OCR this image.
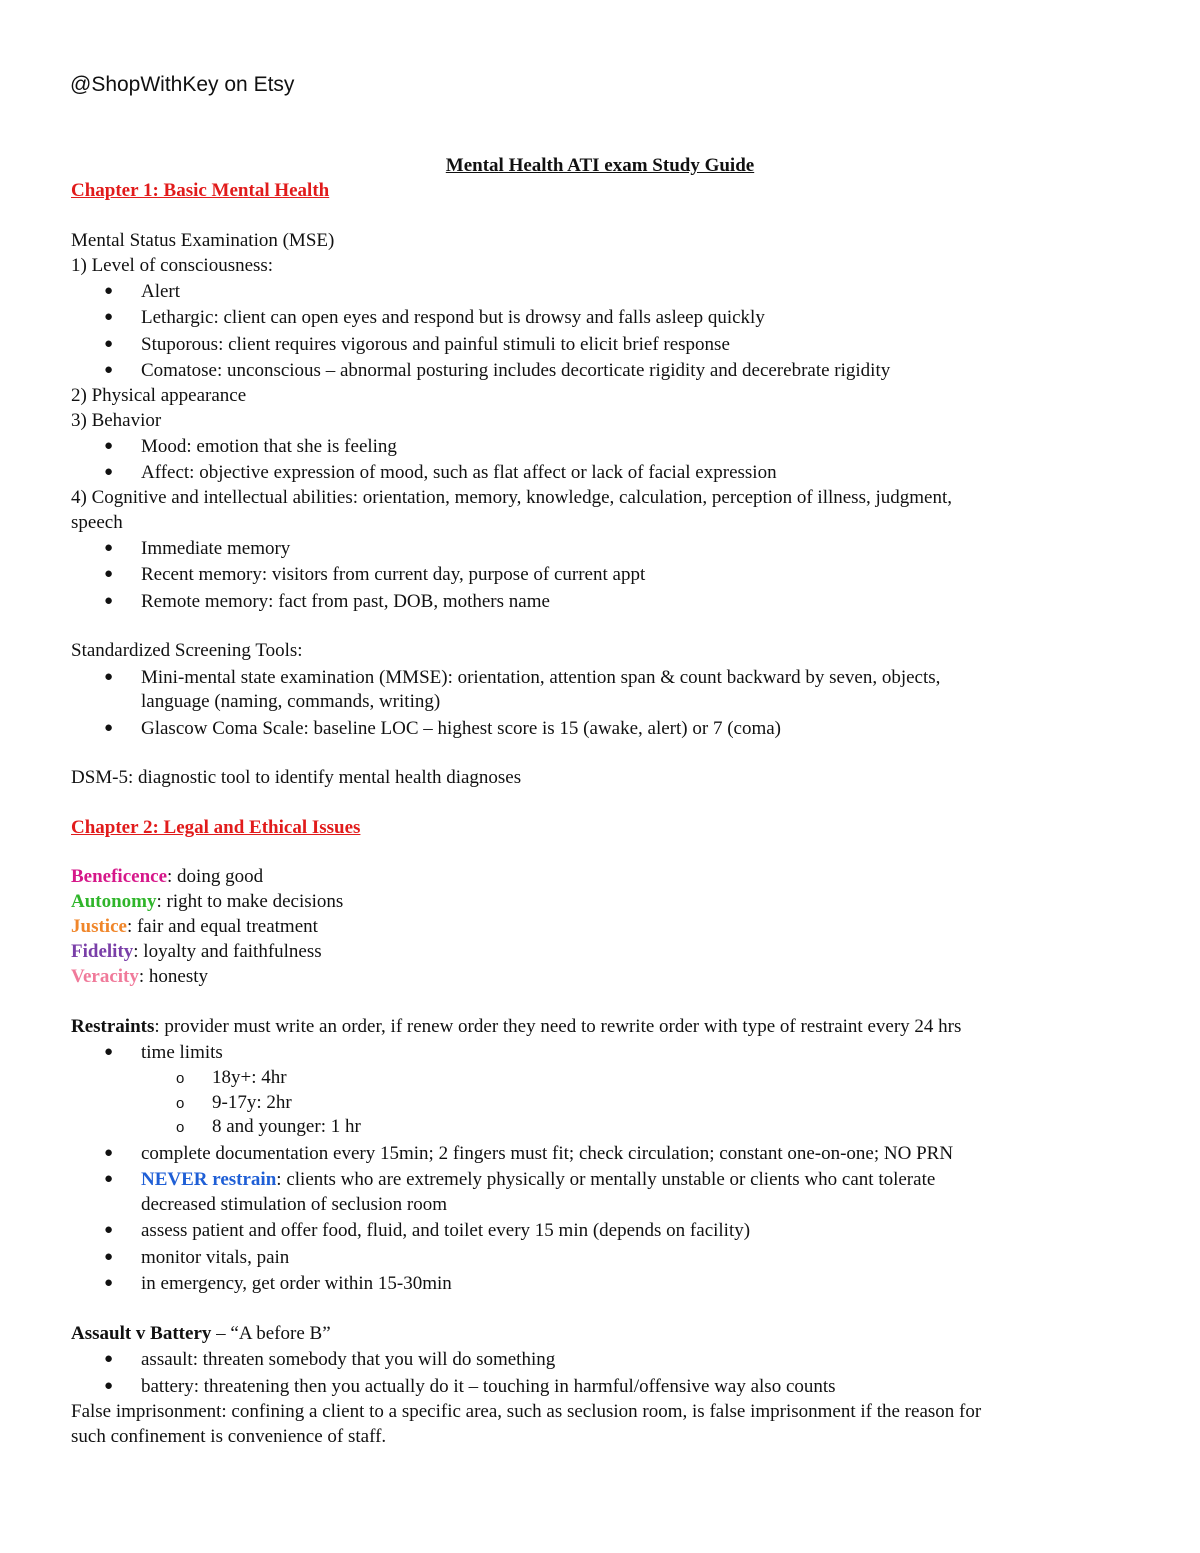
@ShopWithKey on Etsy
Mental Health ATI exam Study Guide
Chapter 1: Basic Mental Health
Mental Status Examination (MSE)
1) Level of consciousness:
● Alert
● Lethargic: client can open eyes and respond but is drowsy and falls asleep quickly
● Stuporous: client requires vigorous and painful stimuli to elicit brief response
● Comatose: unconscious – abnormal posturing includes decorticate rigidity and decerebrate rigidity
2) Physical appearance
3) Behavior
● Mood: emotion that she is feeling
● Affect: objective expression of mood, such as flat affect or lack of facial expression
4) Cognitive and intellectual abilities: orientation, memory, knowledge, calculation, perception of illness, judgment,
speech
● Immediate memory
● Recent memory: visitors from current day, purpose of current appt
● Remote memory: fact from past, DOB, mothers name
Standardized Screening Tools:
● Mini-mental state examination (MMSE): orientation, attention span & count backward by seven, objects,
language (naming, commands, writing)
● Glascow Coma Scale: baseline LOC – highest score is 15 (awake, alert) or 7 (coma)
DSM-5: diagnostic tool to identify mental health diagnoses
Chapter 2: Legal and Ethical Issues
Beneficence: doing good
Autonomy: right to make decisions
Justice: fair and equal treatment
Fidelity: loyalty and faithfulness
Veracity: honesty
Restraints: provider must write an order, if renew order they need to rewrite order with type of restraint every 24 hrs
● time limits
o 18y+: 4hr
o 9-17y: 2hr
o 8 and younger: 1 hr
● complete documentation every 15min; 2 fingers must fit; check circulation; constant one-on-one; NO PRN
● NEVER restrain: clients who are extremely physically or mentally unstable or clients who cant tolerate
decreased stimulation of seclusion room
● assess patient and offer food, fluid, and toilet every 15 min (depends on facility)
● monitor vitals, pain
● in emergency, get order within 15-30min
Assault v Battery – “A before B”
● assault: threaten somebody that you will do something
● battery: threatening then you actually do it – touching in harmful/offensive way also counts
False imprisonment: confining a client to a specific area, such as seclusion room, is false imprisonment if the reason for
such confinement is convenience of staff.
